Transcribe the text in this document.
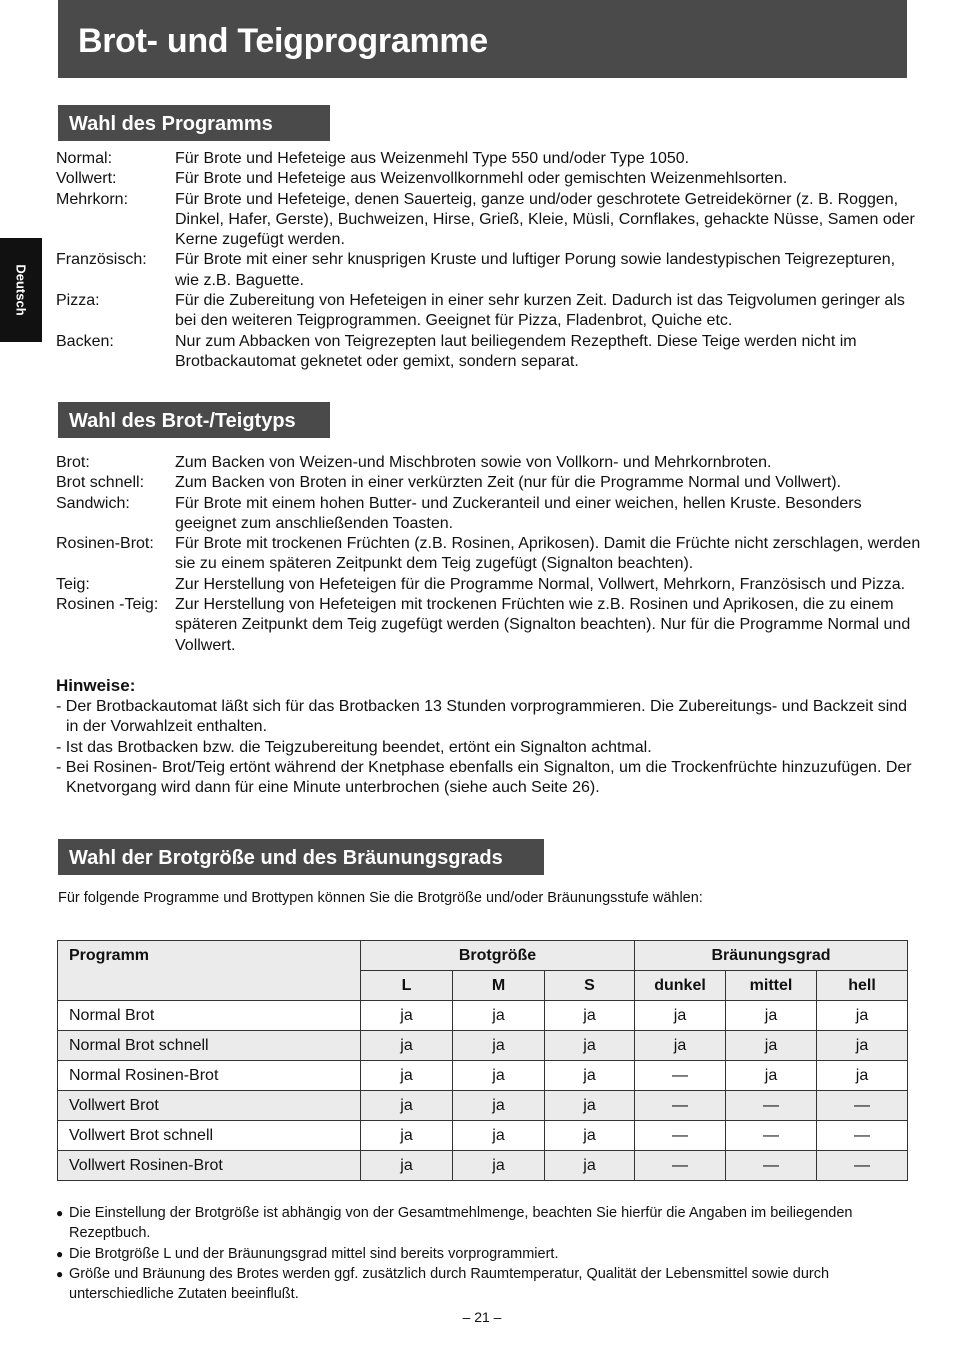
Brot- und Teigprogramme
Deutsch
Wahl des Programms
Normal:	Für Brote und Hefeteige aus Weizenmehl Type 550 und/oder Type 1050.
Vollwert:	Für Brote und Hefeteige aus Weizenvollkornmehl oder gemischten Weizenmehlsorten.
Mehrkorn:	Für Brote und Hefeteige, denen Sauerteig, ganze und/oder geschrotete Getreidekörner (z. B. Roggen, Dinkel, Hafer, Gerste), Buchweizen, Hirse, Grieß, Kleie, Müsli, Cornflakes, gehackte Nüsse, Samen oder Kerne zugefügt werden.
Französisch:	Für Brote mit einer sehr knusprigen Kruste und luftiger Porung sowie landestypischen Teigrezepturen, wie z.B. Baguette.
Pizza:	Für die Zubereitung von Hefeteigen in einer sehr kurzen Zeit. Dadurch ist das Teigvolumen geringer als bei den weiteren Teigprogrammen. Geeignet für Pizza, Fladenbrot, Quiche etc.
Backen:	Nur zum Abbacken von Teigrezepten laut beiliegendem Rezeptheft. Diese Teige werden nicht im Brotbackautomat geknetet oder gemixt, sondern separat.
Wahl des Brot-/Teigtyps
Brot:	Zum Backen von Weizen-und Mischbroten sowie von Vollkorn- und Mehrkornbroten.
Brot schnell:	Zum Backen von Broten in einer verkürzten Zeit (nur für die Programme Normal und Vollwert).
Sandwich:	Für Brote mit einem hohen Butter- und Zuckeranteil und einer weichen, hellen Kruste. Besonders geeignet zum anschließenden Toasten.
Rosinen-Brot:	Für Brote mit trockenen Früchten (z.B. Rosinen, Aprikosen). Damit die Früchte nicht zerschlagen, werden sie zu einem späteren Zeitpunkt dem Teig zugefügt (Signalton beachten).
Teig:	Zur Herstellung von Hefeteigen für die Programme Normal, Vollwert, Mehrkorn, Französisch und Pizza.
Rosinen -Teig:	Zur Herstellung von Hefeteigen mit trockenen Früchten wie z.B. Rosinen und Aprikosen, die zu einem späteren Zeitpunkt dem Teig zugefügt werden (Signalton beachten). Nur für die Programme Normal und Vollwert.
Hinweise:
- Der Brotbackautomat läßt sich für das Brotbacken 13 Stunden vorprogrammieren. Die Zubereitungs- und Backzeit sind in der Vorwahlzeit enthalten.
- Ist das Brotbacken bzw. die Teigzubereitung beendet, ertönt ein Signalton achtmal.
- Bei Rosinen- Brot/Teig ertönt während der Knetphase ebenfalls ein Signalton, um die Trockenfrüchte hinzuzufügen. Der Knetvorgang wird dann für eine Minute unterbrochen (siehe auch Seite 26).
Wahl der Brotgröße und des Bräunungsgrads
Für folgende Programme und Brottypen können Sie die Brotgröße und/oder Bräunungsstufe wählen:
Programm	Brotgröße			Bräunungsgrad		
	L	M	S	dunkel	mittel	hell
Normal Brot	ja	ja	ja	ja	ja	ja
Normal Brot schnell	ja	ja	ja	ja	ja	ja
Normal Rosinen-Brot	ja	ja	ja	—	ja	ja
Vollwert Brot	ja	ja	ja	—	—	—
Vollwert Brot schnell	ja	ja	ja	—	—	—
Vollwert Rosinen-Brot	ja	ja	ja	—	—	—
● Die Einstellung der Brotgröße ist abhängig von der Gesamtmehlmenge, beachten Sie hierfür die Angaben im beiliegenden Rezeptbuch.
● Die Brotgröße L und der Bräunungsgrad mittel sind bereits vorprogrammiert.
● Größe und Bräunung des Brotes werden ggf. zusätzlich durch Raumtemperatur, Qualität der Lebensmittel sowie durch unterschiedliche Zutaten beeinflußt.
– 21 –
